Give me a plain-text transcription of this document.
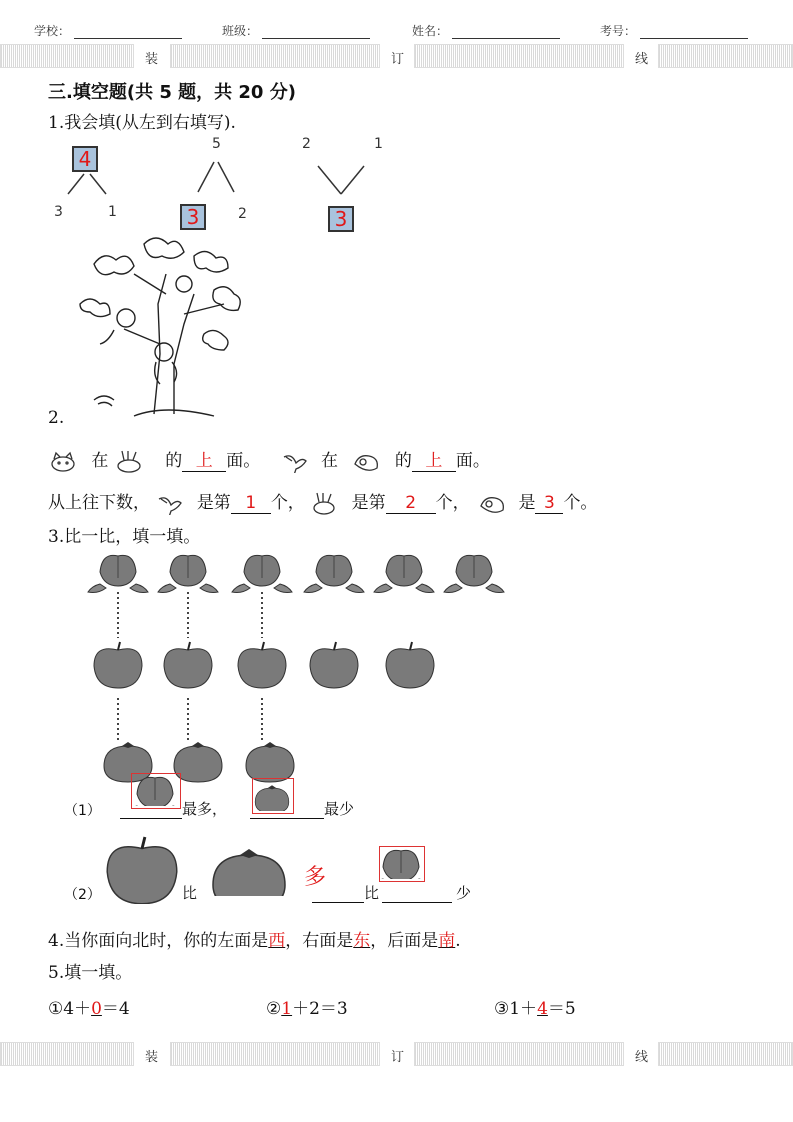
学校：	班级：	姓名：	考号：
装	订	线
三.填空题(共 5 题，共 20 分)
1.我会填(从左到右填写).
4
3	1
5
3	2
2	1
3
2.
在	的 上 面。	在	的 上 面。
从上往下数，	是第 1 个，	是第 2 个，	是 3 个。
3.比一比，填一填。
（1）	最多，	最少
（2）	比
多
比	少
4.当你面向北时，你的左面是西，右面是东，后面是南.
5.填一填。
①4＋0＝4	②1＋2＝3	③1＋4＝5
装	订	线
